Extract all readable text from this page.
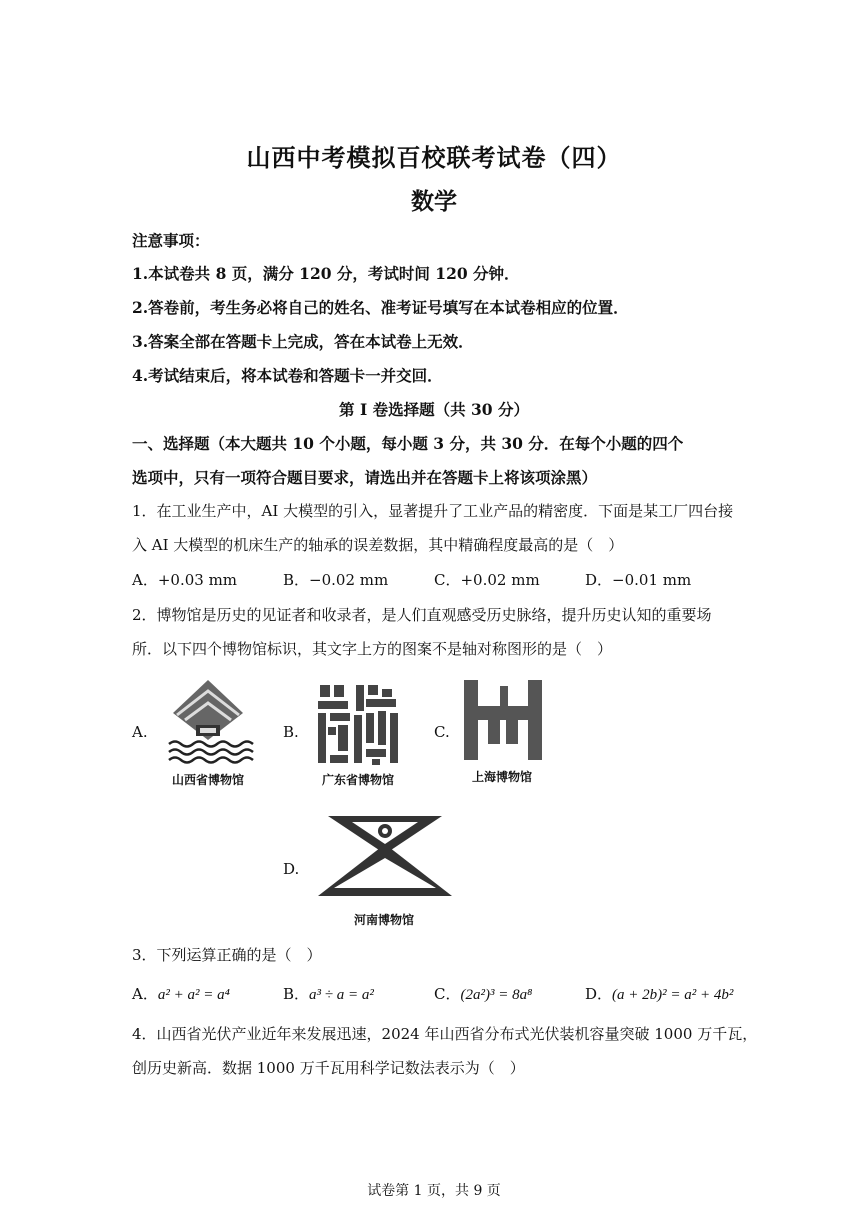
山西中考模拟百校联考试卷（四）
数学
注意事项：
1.本试卷共 8 页，满分 120 分，考试时间 120 分钟．
2.答卷前，考生务必将自己的姓名、准考证号填写在本试卷相应的位置．
3.答案全部在答题卡上完成，答在本试卷上无效．
4.考试结束后，将本试卷和答题卡一并交回．
第 I 卷选择题（共 30 分）
一、选择题（本大题共 10 个小题，每小题 3 分，共 30 分．在每个小题的四个
选项中，只有一项符合题目要求，请选出并在答题卡上将该项涂黑）
1．在工业生产中，AI 大模型的引入，显著提升了工业产品的精密度．下面是某工厂四台接
入 AI 大模型的机床生产的轴承的误差数据，其中精确程度最高的是（　）
A．+0.03 mm	B．−0.02 mm	C．+0.02 mm	D．−0.01 mm
2．博物馆是历史的见证者和收录者，是人们直观感受历史脉络，提升历史认知的重要场
所．以下四个博物馆标识，其文字上方的图案不是轴对称图形的是（　）
A.
山西省博物馆
B.
广东省博物馆
C.
上海博物馆
D.
河南博物馆
3．下列运算正确的是（　）
A．a² + a² = a⁴	B．a³ ÷ a = a²	C．(2a²)³ = 8a⁸	D．(a + 2b)² = a² + 4b²
4．山西省光伏产业近年来发展迅速，2024 年山西省分布式光伏装机容量突破 1000 万千瓦，
创历史新高．数据 1000 万千瓦用科学记数法表示为（　）
试卷第 1 页，共 9 页
